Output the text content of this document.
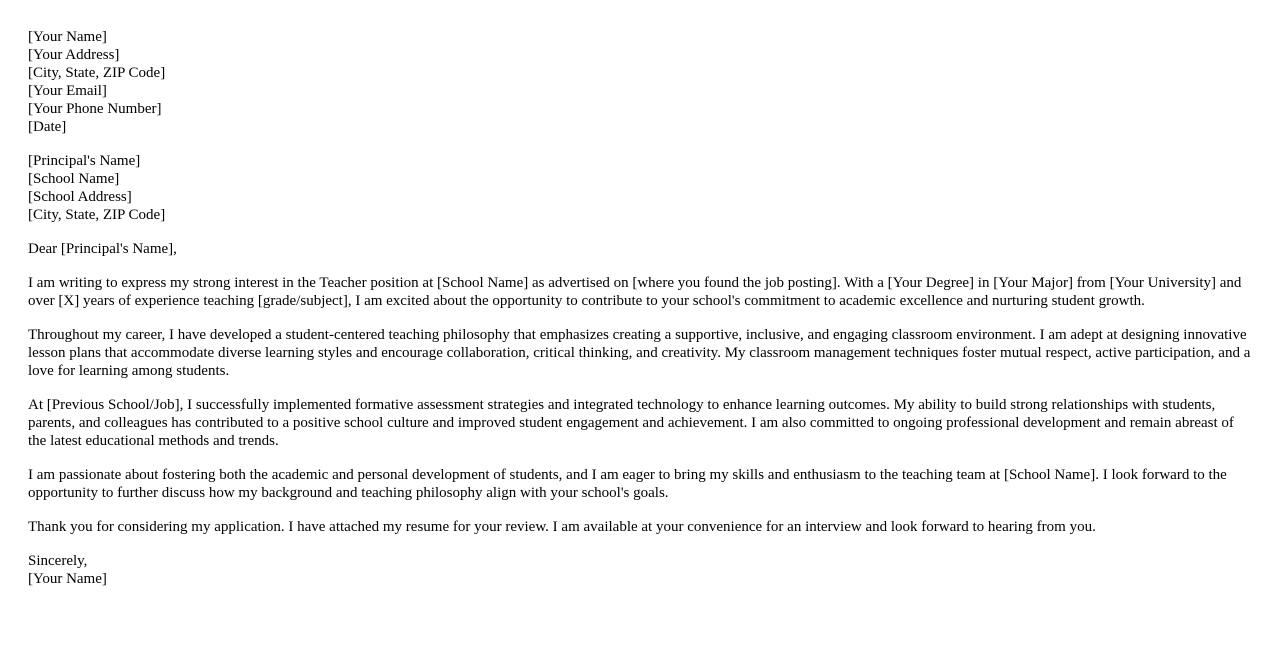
[Your Name]
[Your Address]
[City, State, ZIP Code]
[Your Email]
[Your Phone Number]
[Date]
[Principal's Name]
[School Name]
[School Address]
[City, State, ZIP Code]

Dear [Principal's Name],

I am writing to express my strong interest in the Teacher position at [School Name] as advertised on [where you found the job posting]. With a [Your Degree] in [Your Major] from [Your University] and over [X] years of experience teaching [grade/subject], I am excited about the opportunity to contribute to your school's commitment to academic excellence and nurturing student growth.

Throughout my career, I have developed a student-centered teaching philosophy that emphasizes creating a supportive, inclusive, and engaging classroom environment. I am adept at designing innovative lesson plans that accommodate diverse learning styles and encourage collaboration, critical thinking, and creativity. My classroom management techniques foster mutual respect, active participation, and a love for learning among students.

At [Previous School/Job], I successfully implemented formative assessment strategies and integrated technology to enhance learning outcomes. My ability to build strong relationships with students, parents, and colleagues has contributed to a positive school culture and improved student engagement and achievement. I am also committed to ongoing professional development and remain abreast of the latest educational methods and trends.

I am passionate about fostering both the academic and personal development of students, and I am eager to bring my skills and enthusiasm to the teaching team at [School Name]. I look forward to the opportunity to further discuss how my background and teaching philosophy align with your school's goals.

Thank you for considering my application. I have attached my resume for your review. I am available at your convenience for an interview and look forward to hearing from you.

Sincerely,
[Your Name]
